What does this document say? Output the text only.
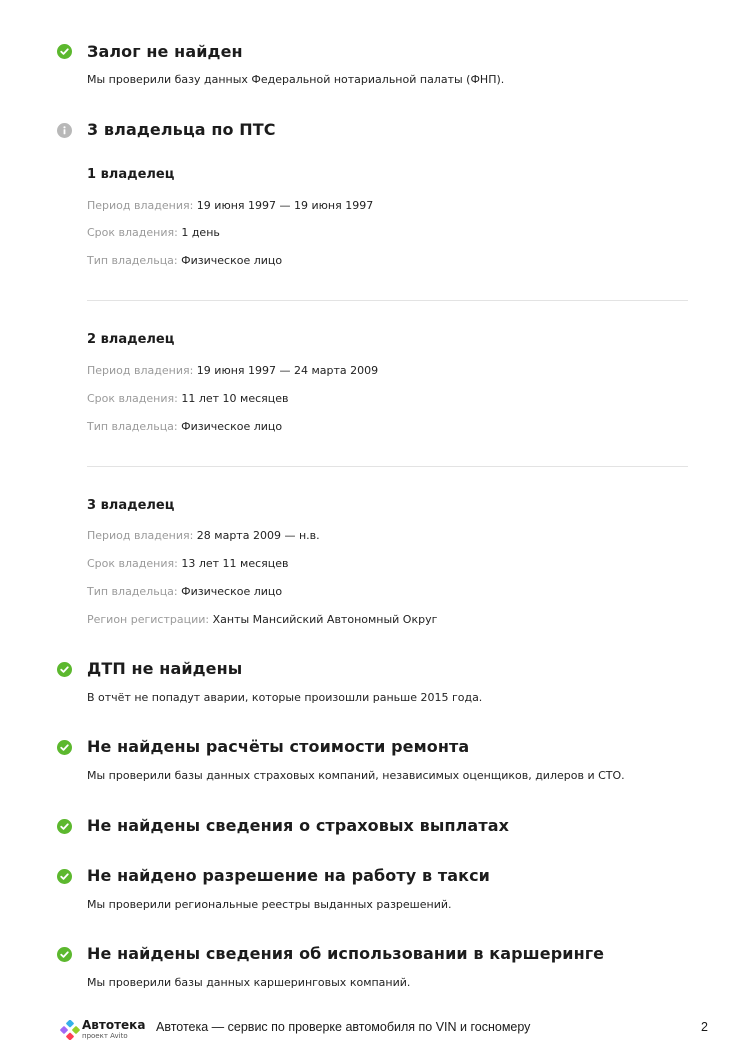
Залог не найден
Мы проверили базу данных Федеральной нотариальной палаты (ФНП).
3 владельца по ПТС
1 владелец
Период владения: 19 июня 1997 — 19 июня 1997
Срок владения: 1 день
Тип владельца: Физическое лицо
2 владелец
Период владения: 19 июня 1997 — 24 марта 2009
Срок владения: 11 лет 10 месяцев
Тип владельца: Физическое лицо
3 владелец
Период владения: 28 марта 2009 — н.в.
Срок владения: 13 лет 11 месяцев
Тип владельца: Физическое лицо
Регион регистрации: Ханты Мансийский Автономный Округ
ДТП не найдены
В отчёт не попадут аварии, которые произошли раньше 2015 года.
Не найдены расчёты стоимости ремонта
Мы проверили базы данных страховых компаний, независимых оценщиков, дилеров и СТО.
Не найдены сведения о страховых выплатах
Не найдено разрешение на работу в такси
Мы проверили региональные реестры выданных разрешений.
Не найдены сведения об использовании в каршеринге
Мы проверили базы данных каршеринговых компаний.
Автотека
проект Avito
Автотека — сервис по проверке автомобиля по VIN и госномеру	2
